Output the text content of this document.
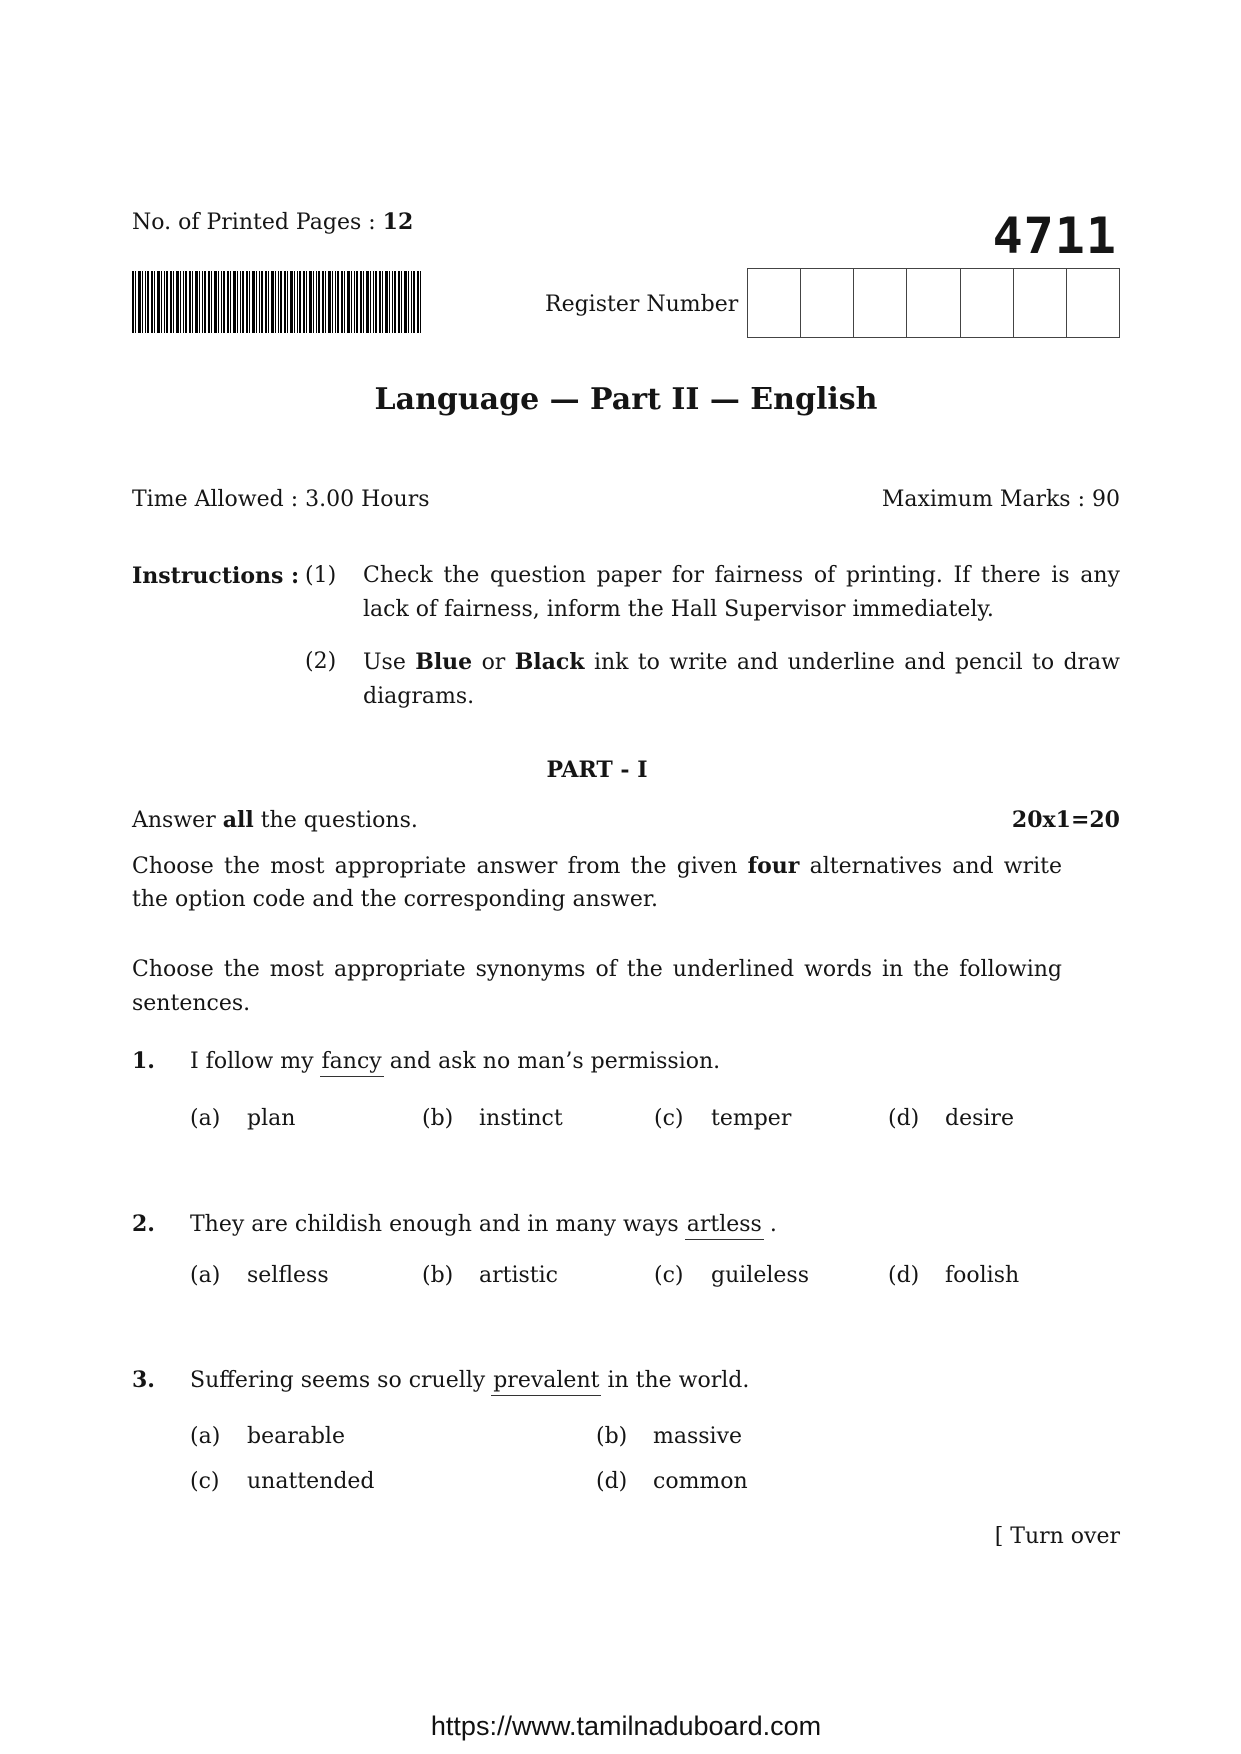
No. of Printed Pages : 12	4711
Register Number
Language — Part II — English
Time Allowed : 3.00 Hours	Maximum Marks : 90
Instructions : (1) Check the question paper for fairness of printing. If there is any
lack of fairness, inform the Hall Supervisor immediately.
(2) Use Blue or Black ink to write and underline and pencil to draw
diagrams.
PART - I
Answer all the questions.	20x1=20
Choose the most appropriate answer from the given four alternatives and write
the option code and the corresponding answer.
Choose the most appropriate synonyms of the underlined words in the following
sentences.
1. I follow my fancy and ask no man’s permission.
(a) plan	(b) instinct	(c) temper	(d) desire
2. They are childish enough and in many ways artless .
(a) selfless	(b) artistic	(c) guileless	(d) foolish
3. Suffering seems so cruelly prevalent in the world.
(a) bearable	(b) massive
(c) unattended	(d) common
[ Turn over
https://www.tamilnaduboard.com
